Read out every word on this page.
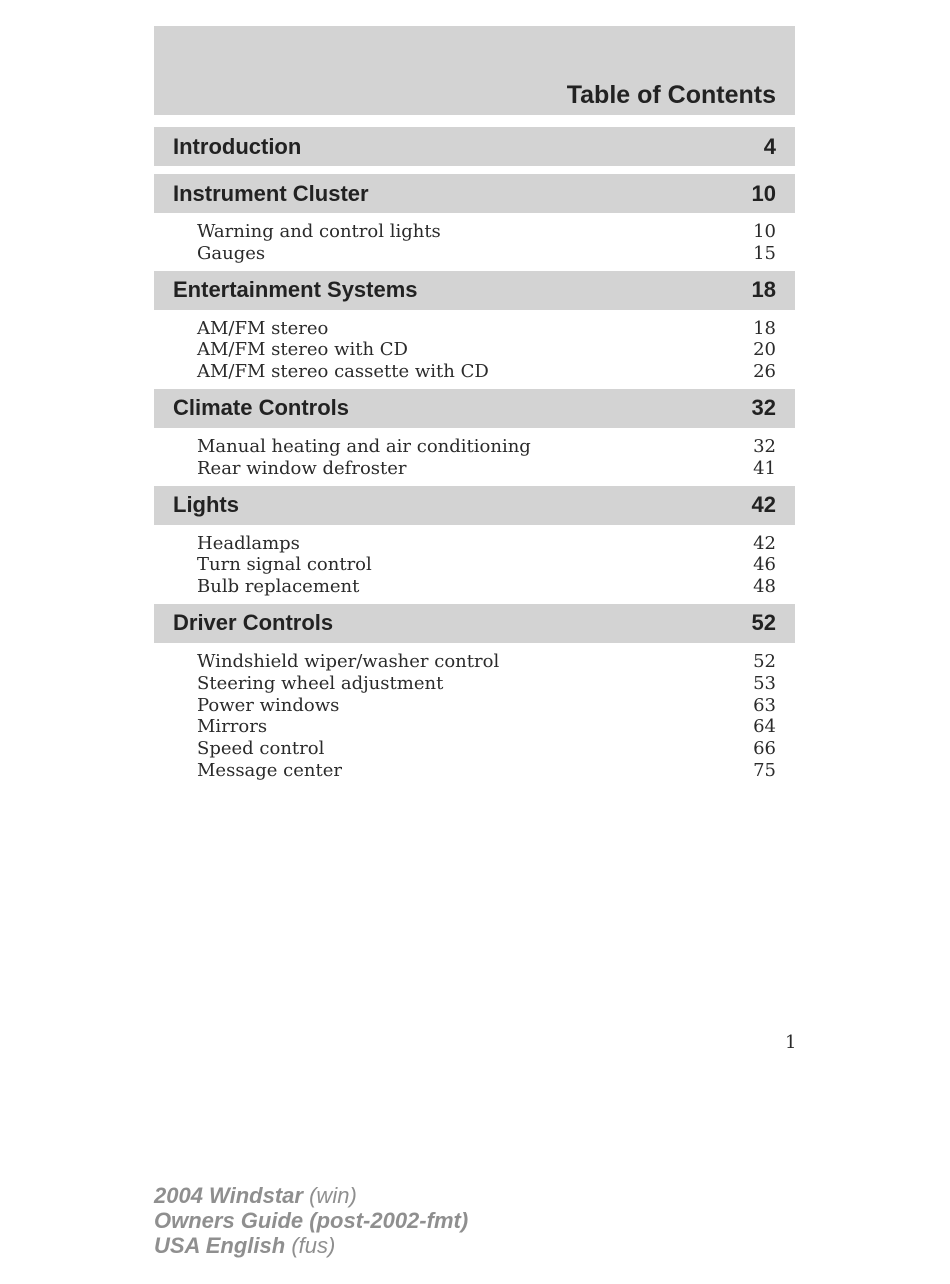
Table of Contents
Introduction	4
Instrument Cluster	10
Warning and control lights	10
Gauges	15
Entertainment Systems	18
AM/FM stereo	18
AM/FM stereo with CD	20
AM/FM stereo cassette with CD	26
Climate Controls	32
Manual heating and air conditioning	32
Rear window defroster	41
Lights	42
Headlamps	42
Turn signal control	46
Bulb replacement	48
Driver Controls	52
Windshield wiper/washer control	52
Steering wheel adjustment	53
Power windows	63
Mirrors	64
Speed control	66
Message center	75
1
2004 Windstar (win)
Owners Guide (post-2002-fmt)
USA English (fus)
